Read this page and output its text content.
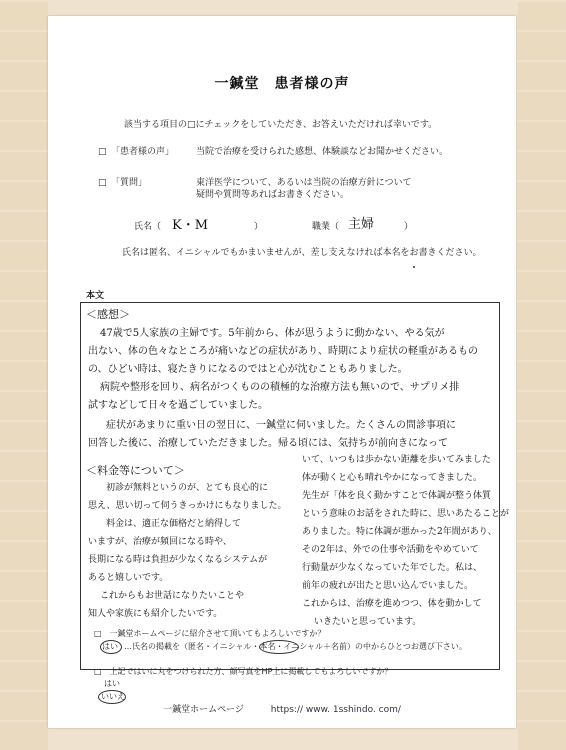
一鍼堂　患者様の声
該当する項目の□にチェックをしていただき、お答えいただければ幸いです。
□　「患者様の声」 当院で治療を受けられた感想、体験談などお聞かせください。
□　「質問」	東洋医学について、あるいは当院の治療方針について
疑問や質問等あればお書きください。
氏名（ K・M	）	職業（ 主婦	）
氏名は匿名、イニシャルでもかまいませんが、差し支えなければ本名をお書きください。
本文
＜感想＞
47歳で5人家族の主婦です。5年前から、体が思うように動かない、やる気が
出ない、体の色々なところが痛いなどの症状があり、時期により症状の軽重があるもの
の、ひどい時は、寝たきりになるのではと心が沈むこともありました。
病院や整形を回り、病名がつくものの積極的な治療方法も無いので、サプリメ排
試すなどして日々を過ごしていました。
症状があまりに重い日の翌日に、一鍼堂に伺いました。たくさんの問診事項に
回答した後に、治療していただきました。帰る頃には、気持ちが前向きになって
いて、いつもは歩かない距離を歩いてみました
＜料金等について＞
体が動くと心も晴れやかになってきました。
初診が無料というのが、とても良心的に
先生が「体を良く動かすことで体調が整う体質
思え、思い切って伺うきっかけにもなりました。
という意味のお話をされた時に、思いあたることが
料金は、適正な価格だと納得して
ありました。特に体調が悪かった2年間があり、
いますが、治療が頻回になる時や、
その2年は、外での仕事や活動をやめていて
長期になる時は負担が少なくなるシステムが
行動量が少なくなっていた年でした。私は、
あると嬉しいです。
前年の疲れが出たと思い込んでいました。
これからもお世話になりたいことや
これからは、治療を進めつつ、体を動かして
知人や家族にも紹介したいです。
いきたいと思っています。
□　一鍼堂ホームページに紹介させて頂いてもよろしいですか？
はい …氏名の掲載を（匿名・イニシャル・本名・イニシャル＋名前）の中からひとつお選び下さい。
□　上記ではいに丸をつけられた方、顔写真をHP上に掲載してもよろしいですか？
はい
いいえ
一鍼堂ホームページ	https:// www. 1sshindo. com/
